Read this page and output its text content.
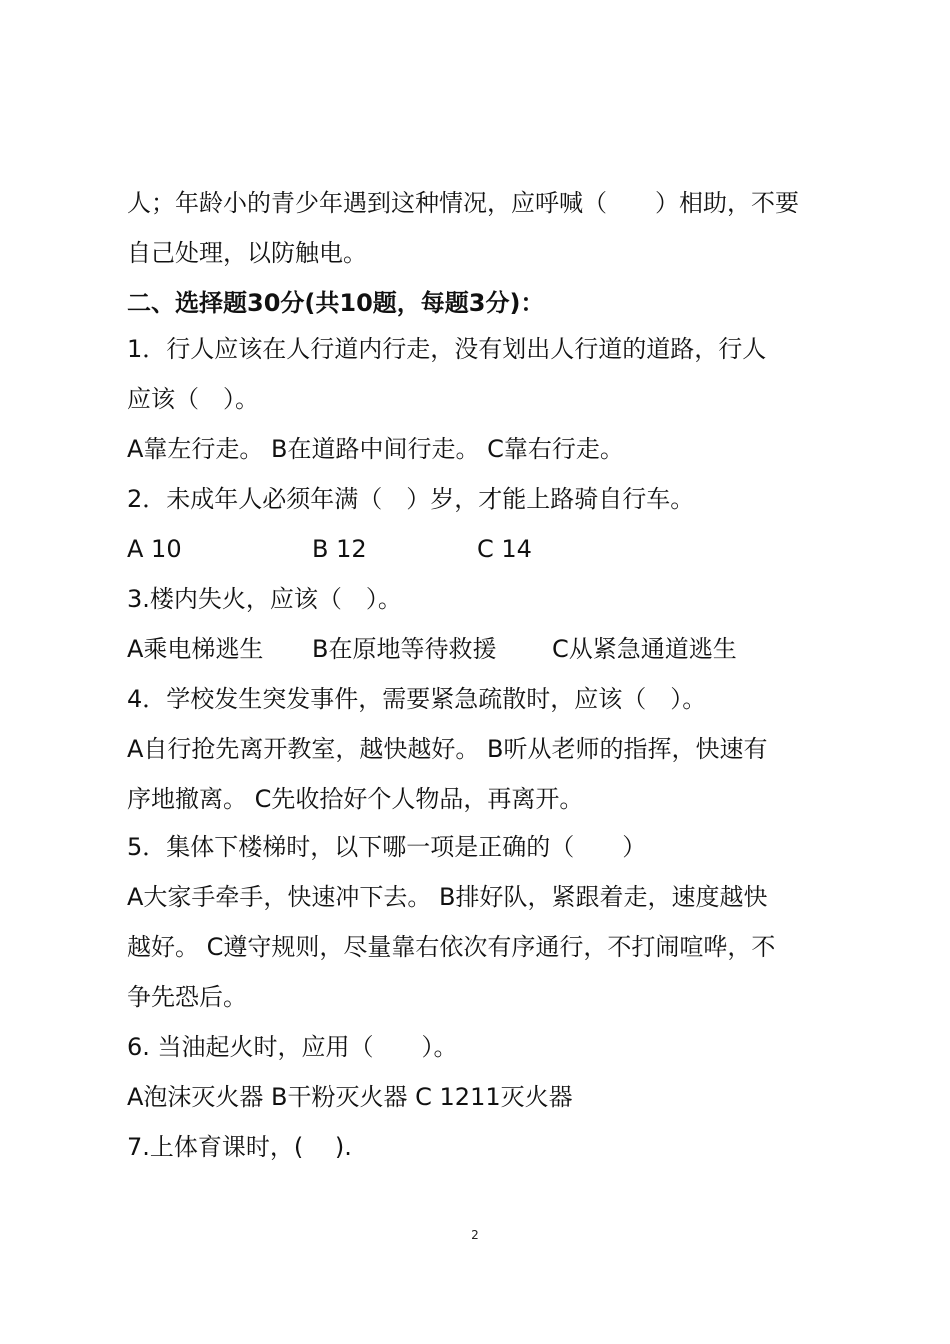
人；年龄小的青少年遇到这种情况，应呼喊（　　）相助，不要
自己处理，以防触电。
二、选择题30分(共10题，每题3分)：
1．行人应该在人行道内行走，没有划出人行道的道路，行人
应该（　）。
A靠左行走。 B在道路中间行走。 C靠右行走。
2．未成年人必须年满（　）岁，才能上路骑自行车。
A 10	B 12	C 14
3.楼内失火，应该（　）。
A乘电梯逃生 B在原地等待救援 C从紧急通道逃生
4．学校发生突发事件，需要紧急疏散时，应该（　）。
A自行抢先离开教室，越快越好。 B听从老师的指挥，快速有
序地撤离。 C先收拾好个人物品，再离开。
5．集体下楼梯时，以下哪一项是正确的（　　）
A大家手牵手，快速冲下去。 B排好队，紧跟着走，速度越快
越好。 C遵守规则，尽量靠右依次有序通行，不打闹喧哗，不
争先恐后。
6. 当油起火时，应用（　　）。
A泡沫灭火器 B干粉灭火器 C 1211灭火器
7.上体育课时，(　 ).
2
